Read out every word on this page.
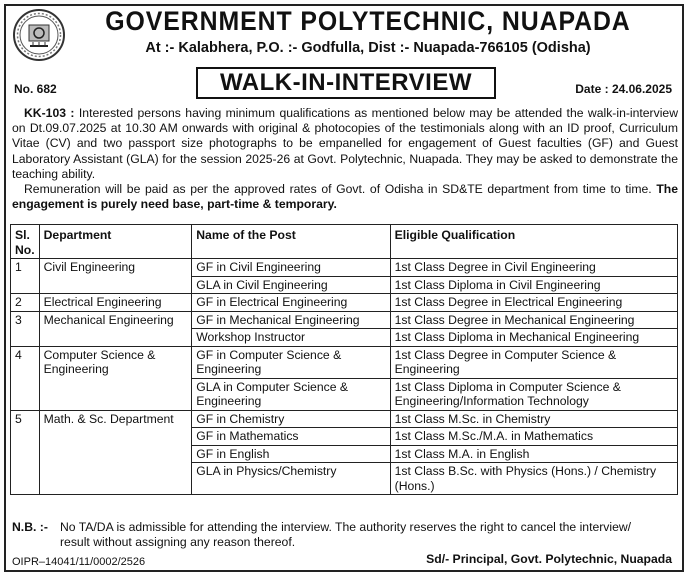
GOVERNMENT POLYTECHNIC, NUAPADA
At :- Kalabhera, P.O. :- Godfulla, Dist :- Nuapada-766105 (Odisha)
No. 682	WALK-IN-INTERVIEW	Date : 24.06.2025
KK-103 : Interested persons having minimum qualifications as mentioned below may be attended the walk-in-interview on Dt.09.07.2025 at 10.30 AM onwards with original & photocopies of the testimonials along with an ID proof, Curriculum Vitae (CV) and two passport size photographs to be empanelled for engagement of Guest faculties (GF) and Guest Laboratory Assistant (GLA) for the session 2025-26 at Govt. Polytechnic, Nuapada. They may be asked to demonstrate the teaching ability.
Remuneration will be paid as per the approved rates of Govt. of Odisha in SD&TE department from time to time. The engagement is purely need base, part-time & temporary.
Sl. No.	Department	Name of the Post	Eligible Qualification
1	Civil Engineering	GF in Civil Engineering	1st Class Degree in Civil Engineering
		GLA in Civil Engineering	1st Class Diploma in Civil Engineering
2	Electrical Engineering	GF in Electrical Engineering	1st Class Degree in Electrical Engineering
3	Mechanical Engineering	GF in Mechanical Engineering	1st Class Degree in Mechanical Engineering
		Workshop Instructor	1st Class Diploma in Mechanical Engineering
4	Computer Science & Engineering	GF in Computer Science & Engineering	1st Class Degree in Computer Science & Engineering
		GLA in Computer Science & Engineering	1st Class Diploma in Computer Science & Engineering/Information Technology
5	Math. & Sc. Department	GF in Chemistry	1st Class M.Sc. in Chemistry
		GF in Mathematics	1st Class M.Sc./M.A. in Mathematics
		GF in English	1st Class M.A. in English
		GLA in Physics/Chemistry	1st Class B.Sc. with Physics (Hons.) / Chemistry (Hons.)
N.B. :- No TA/DA is admissible for attending the interview. The authority reserves the right to cancel the interview/
result without assigning any reason thereof.
OIPR–14041/11/0002/2526	Sd/- Principal, Govt. Polytechnic, Nuapada
